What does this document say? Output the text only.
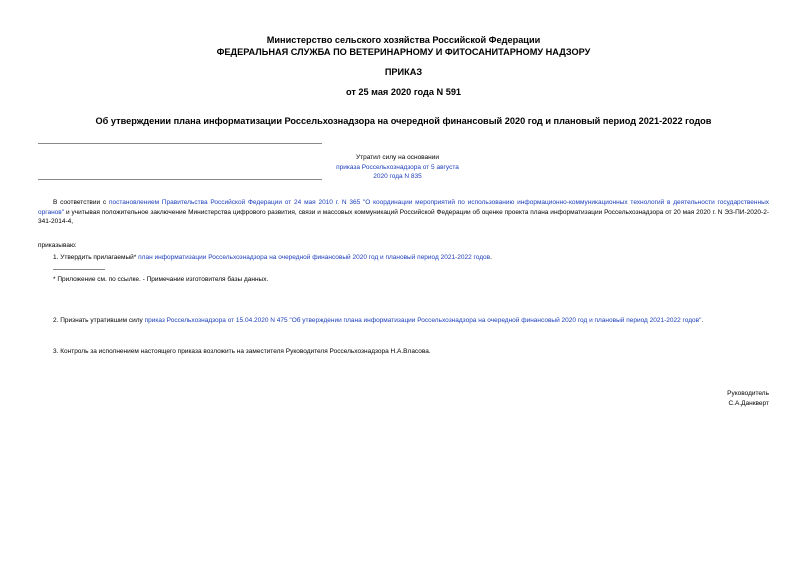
Министерство сельского хозяйства Российской Федерации
ФЕДЕРАЛЬНАЯ СЛУЖБА ПО ВЕТЕРИНАРНОМУ И ФИТОСАНИТАРНОМУ НАДЗОРУ
ПРИКАЗ
от 25 мая 2020 года N 591
Об утверждении плана информатизации Россельхознадзора на очередной финансовый 2020 год и плановый период 2021-2022 годов
Утратил силу на основании
приказа Россельхознадзора от 5 августа 2020 года N 835
В соответствии с постановлением Правительства Российской Федерации от 24 мая 2010 г. N 365 "О координации мероприятий по использованию информационно-коммуникационных технологий в деятельности государственных органов" и учитывая положительное заключение Министерства цифрового развития, связи и массовых коммуникаций Российской Федерации об оценке проекта плана информатизации Россельхознадзора от 20 мая 2020 г. N ЭЗ-ПИ-2020-2-341-2014-4,
приказываю:
1. Утвердить прилагаемый* план информатизации Россельхознадзора на очередной финансовый 2020 год и плановый период 2021-2022 годов.
* Приложение см. по ссылке. - Примечание изготовителя базы данных.
2. Признать утратившим силу приказ Россельхознадзора от 15.04.2020 N 475 "Об утверждении плана информатизации Россельхознадзора на очередной финансовый 2020 год и плановый период 2021-2022 годов".
3. Контроль за исполнением настоящего приказа возложить на заместителя Руководителя Россельхознадзора Н.А.Власова.
Руководитель
С.А.Данкверт
